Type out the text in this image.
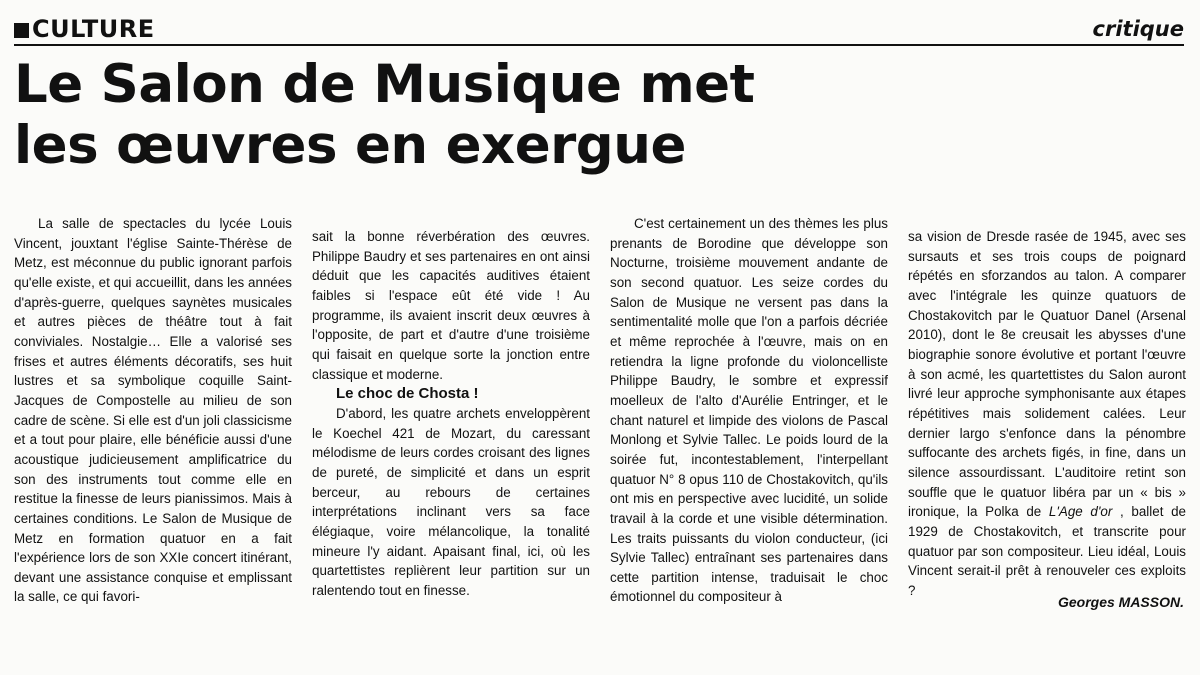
CULTURE	critique
Le Salon de Musique met
les œuvres en exergue

La salle de spectacles du lycée Louis Vincent, jouxtant l'église Sainte-Thérèse de Metz, est méconnue du public ignorant parfois qu'elle existe, et qui accueillit, dans les années d'après-guerre, quelques saynètes musicales et autres pièces de théâtre tout à fait conviviales. Nostalgie… Elle a valorisé ses frises et autres éléments décoratifs, ses huit lustres et sa symbolique coquille Saint-Jacques de Compostelle au milieu de son cadre de scène. Si elle est d'un joli classicisme et a tout pour plaire, elle bénéficie aussi d'une acoustique judicieusement amplificatrice du son des instruments tout comme elle en restitue la finesse de leurs pianissimos. Mais à certaines conditions. Le Salon de Musique de Metz en formation quatuor en a fait l'expérience lors de son XXIe concert itinérant, devant une assistance conquise et emplissant la salle, ce qui favori-

sait la bonne réverbération des œuvres. Philippe Baudry et ses partenaires en ont ainsi déduit que les capacités auditives étaient faibles si l'espace eût été vide ! Au programme, ils avaient inscrit deux œuvres à l'opposite, de part et d'autre d'une troisième qui faisait en quelque sorte la jonction entre classique et moderne.

Le choc de Chosta !

D'abord, les quatre archets enveloppèrent le Koechel 421 de Mozart, du caressant mélodisme de leurs cordes croisant des lignes de pureté, de simplicité et dans un esprit berceur, au rebours de certaines interprétations inclinant vers sa face élégiaque, voire mélancolique, la tonalité mineure l'y aidant. Apaisant final, ici, où les quartettistes replièrent leur partition sur un ralentendo tout en finesse.

C'est certainement un des thèmes les plus prenants de Borodine que développe son Nocturne, troisième mouvement andante de son second quatuor. Les seize cordes du Salon de Musique ne versent pas dans la sentimentalité molle que l'on a parfois décriée et même reprochée à l'œuvre, mais on en retiendra la ligne profonde du violoncelliste Philippe Baudry, le sombre et expressif moelleux de l'alto d'Aurélie Entringer, et le chant naturel et limpide des violons de Pascal Monlong et Sylvie Tallec. Le poids lourd de la soirée fut, incontestablement, l'interpellant quatuor N° 8 opus 110 de Chostakovitch, qu'ils ont mis en perspective avec lucidité, un solide travail à la corde et une visible détermination. Les traits puissants du violon conducteur, (ici Sylvie Tallec) entraînant ses partenaires dans cette partition intense, traduisait le choc émotionnel du compositeur à

sa vision de Dresde rasée de 1945, avec ses sursauts et ses trois coups de poignard répétés en sforzandos au talon. A comparer avec l'intégrale les quinze quatuors de Chostakovitch par le Quatuor Danel (Arsenal 2010), dont le 8e creusait les abysses d'une biographie sonore évolutive et portant l'œuvre à son acmé, les quartettistes du Salon auront livré leur approche symphonisante aux étapes répétitives mais solidement calées. Leur dernier largo s'enfonce dans la pénombre suffocante des archets figés, in fine, dans un silence assourdissant. L'auditoire retint son souffle que le quatuor libéra par un « bis » ironique, la Polka de L'Age d'or , ballet de 1929 de Chostakovitch, et transcrite pour quatuor par son compositeur. Lieu idéal, Louis Vincent serait-il prêt à renouveler ces exploits ?

Georges MASSON.
